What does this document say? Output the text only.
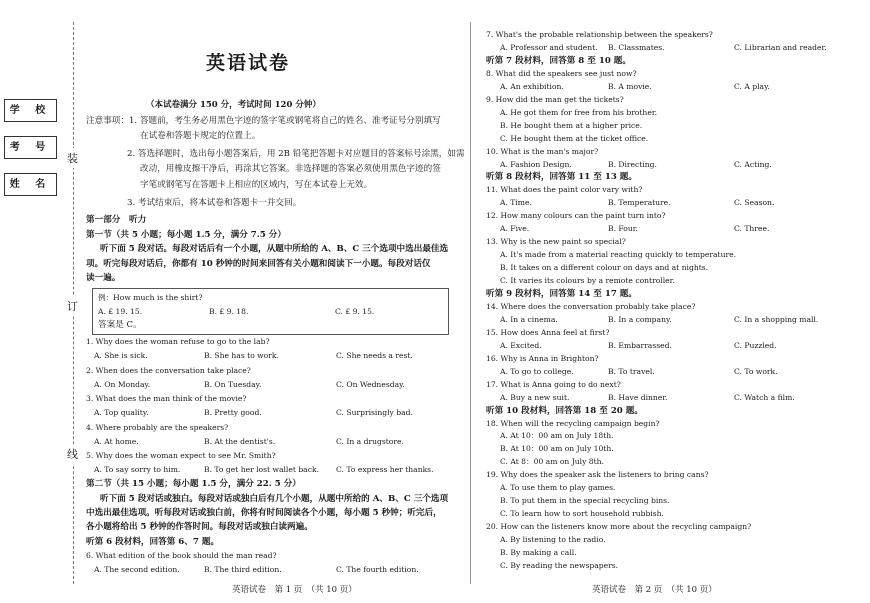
学 校
考 号
姓 名
装
订
线
英语试卷
（本试卷满分 150 分，考试时间 120 分钟）
注意事项：1. 答题前，考生务必用黑色字迹的签字笔或钢笔将自己的姓名、准考证号分别填写
在试卷和答题卡规定的位置上。
2. 答选择题时，选出每小题答案后，用 2B 铅笔把答题卡对应题目的答案标号涂黑，如需
改动，用橡皮擦干净后，再涂其它答案。非选择题的答案必须使用黑色字迹的签
字笔或钢笔写在答题卡上相应的区域内，写在本试卷上无效。
3. 考试结束后，将本试卷和答题卡一并交回。
第一部分　听力
第一节（共 5 小题；每小题 1.5 分，满分 7.5 分）
听下面 5 段对话。每段对话后有一个小题，从题中所给的 A、B、C 三个选项中选出最佳选
项。听完每段对话后，你都有 10 秒钟的时间来回答有关小题和阅读下一小题。每段对话仅
读一遍。
例：How much is the shirt?
A. £ 19. 15.	B. £ 9. 18.	C. £ 9. 15.
答案是 C。
1. Why does the woman refuse to go to the lab?
A. She is sick.	B. She has to work.	C. She needs a rest.
2. When does the conversation take place?
A. On Monday.	B. On Tuesday.	C. On Wednesday.
3. What does the man think of the movie?
A. Top quality.	B. Pretty good.	C. Surprisingly bad.
4. Where probably are the speakers?
A. At home.	B. At the dentist's.	C. In a drugstore.
5. Why does the woman expect to see Mr. Smith?
A. To say sorry to him.	B. To get her lost wallet back. C. To express her thanks.
第二节（共 15 小题；每小题 1.5 分，满分 22. 5 分）
听下面 5 段对话或独白。每段对话或独白后有几个小题，从题中所给的 A、B、C 三个选项
中选出最佳选项。听每段对话或独白前，你将有时间阅读各个小题，每小题 5 秒钟；听完后，
各小题将给出 5 秒钟的作答时间。每段对话或独白读两遍。
听第 6 段材料，回答第 6、7 题。
6. What edition of the book should the man read?
A. The second edition.	B. The third edition.	C. The fourth edition.
7. What's the probable relationship between the speakers?
A. Professor and student. B. Classmates.	C. Librarian and reader.
听第 7 段材料，回答第 8 至 10 题。
8. What did the speakers see just now?
A. An exhibition.	B. A movie.	C. A play.
9. How did the man get the tickets?
A. He got them for free from his brother.
B. He bought them at a higher price.
C. He bought them at the ticket office.
10. What is the man's major?
A. Fashion Design.	B. Directing.	C. Acting.
听第 8 段材料，回答第 11 至 13 题。
11. What does the paint color vary with?
A. Time.	B. Temperature.	C. Season.
12. How many colours can the paint turn into?
A. Five.	B. Four.	C. Three.
13. Why is the new paint so special?
A. It's made from a material reacting quickly to temperature.
B. It takes on a different colour on days and at nights.
C. It varies its colours by a remote controller.
听第 9 段材料，回答第 14 至 17 题。
14. Where does the conversation probably take place?
A. In a cinema.	B. In a company.	C. In a shopping mall.
15. How does Anna feel at first?
A. Excited.	B. Embarrassed.	C. Puzzled.
16. Why is Anna in Brighton?
A. To go to college.	B. To travel.	C. To work.
17. What is Anna going to do next?
A. Buy a new suit.	B. Have dinner.	C. Watch a film.
听第 10 段材料，回答第 18 至 20 题。
18. When will the recycling campaign begin?
A. At 10：00 am on July 18th.
B. At 10：00 am on July 10th.
C. At 8：00 am on July 8th.
19. Why does the speaker ask the listeners to bring cans?
A. To use them to play games.
B. To put them in the special recycling bins.
C. To learn how to sort household rubbish.
20. How can the listeners know more about the recycling campaign?
A. By listening to the radio.
B. By making a call.
C. By reading the newspapers.
英语试卷　第 1 页　（共 10 页）	英语试卷　第 2 页　（共 10 页）
